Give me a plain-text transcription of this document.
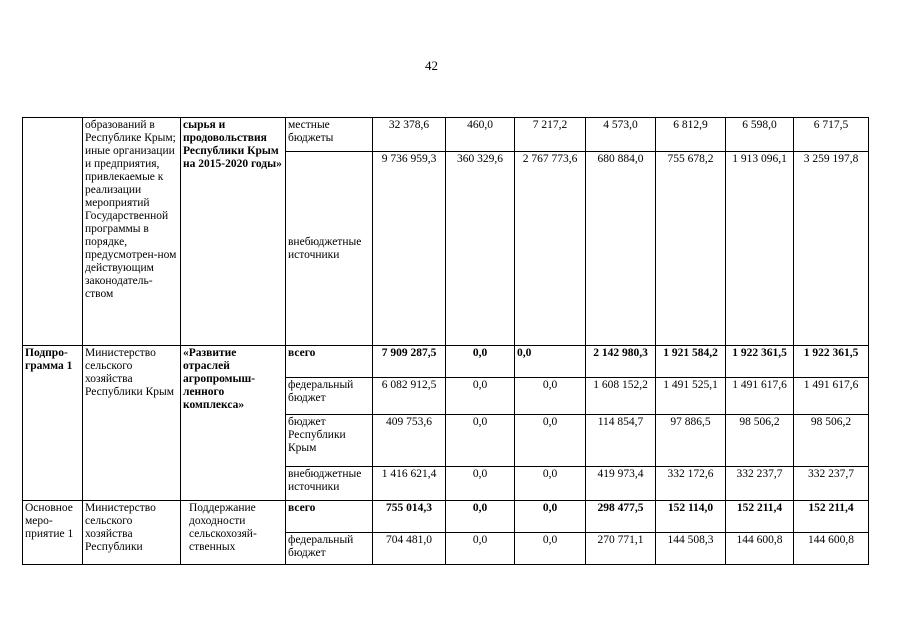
42
	образований в Республике Крым; иные организации и предприятия, привлекаемые к реализации мероприятий Государственной программы в порядке, предусмотрен-ном действующим законодатель-ством	сырья и продовольствия Республики Крым на 2015-2020 годы»	местные бюджеты	32 378,6	460,0	7 217,2	4 573,0	6 812,9	6 598,0	6 717,5
			внебюджетные источники	9 736 959,3	360 329,6	2 767 773,6	680 884,0	755 678,2	1 913 096,1	3 259 197,8
Подпро-грамма 1	Министерство сельского хозяйства Республики Крым	«Развитие отраслей агропромыш-ленного комплекса»	всего	7 909 287,5	0,0	0,0	2 142 980,3	1 921 584,2	1 922 361,5	1 922 361,5
			федеральный бюджет	6 082 912,5	0,0	0,0	1 608 152,2	1 491 525,1	1 491 617,6	1 491 617,6
			бюджет Республики Крым	409 753,6	0,0	0,0	114 854,7	97 886,5	98 506,2	98 506,2
			внебюджетные источники	1 416 621,4	0,0	0,0	419 973,4	332 172,6	332 237,7	332 237,7
Основное меро-приятие 1	Министерство сельского хозяйства Республики	Поддержание доходности сельскохозяй-ственных	всего	755 014,3	0,0	0,0	298 477,5	152 114,0	152 211,4	152 211,4
			федеральный бюджет	704 481,0	0,0	0,0	270 771,1	144 508,3	144 600,8	144 600,8
